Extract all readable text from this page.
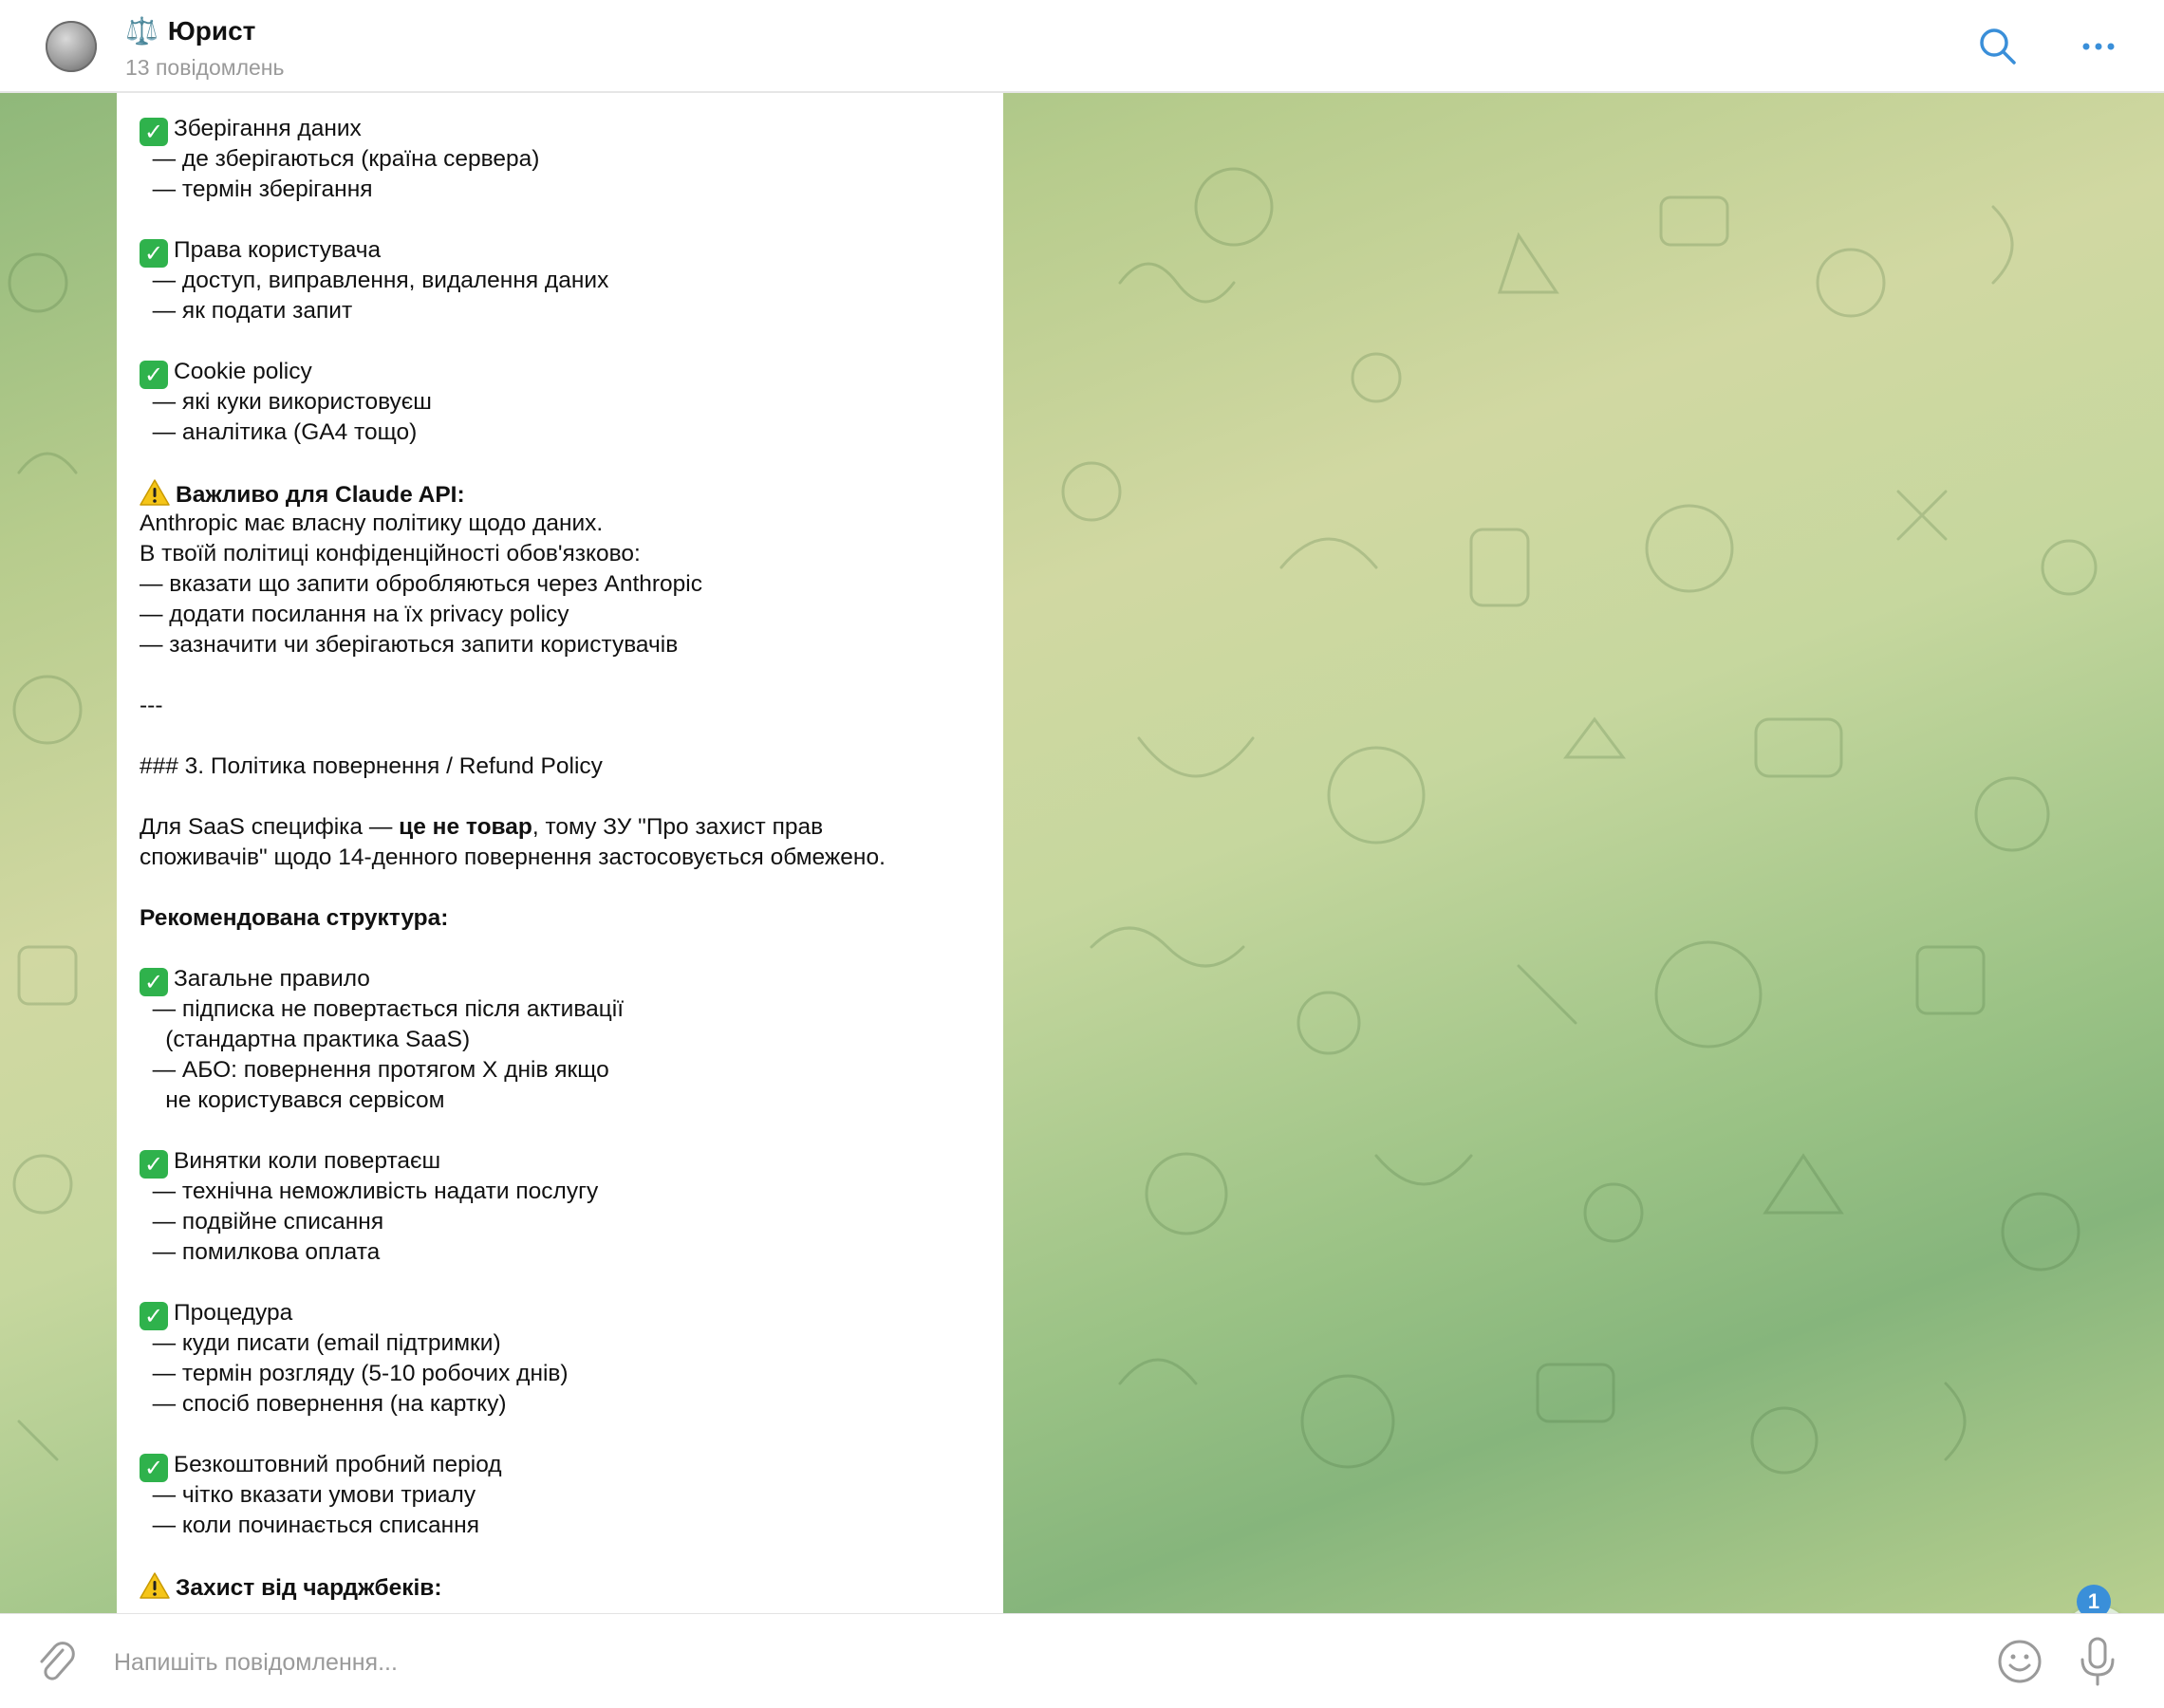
⚖️ Юрист
13 повідомлень
✓ Зберігання даних
— де зберігаються (країна сервера)
— термін зберігання
✓ Права користувача
— доступ, виправлення, видалення даних
— як подати запит
✓ Cookie policy
— які куки використовуєш
— аналітика (GA4 тощо)
Важливо для Claude API:
Anthropic має власну політику щодо даних.
В твоїй політиці конфіденційності обов'язково:
— вказати що запити обробляються через Anthropic
— додати посилання на їх privacy policy
— зазначити чи зберігаються запити користувачів
---
### 3. Політика повернення / Refund Policy
Для SaaS специфіка — це не товар, тому ЗУ "Про захист прав
споживачів" щодо 14-денного повернення застосовується обмежено.
Рекомендована структура:
✓ Загальне правило
— підписка не повертається після активації
(стандартна практика SaaS)
— АБО: повернення протягом X днів якщо
не користувався сервісом
✓ Винятки коли повертаєш
— технічна неможливість надати послугу
— подвійне списання
— помилкова оплата
✓ Процедура
— куди писати (email підтримки)
— термін розгляду (5-10 робочих днів)
— спосіб повернення (на картку)
✓ Безкоштовний пробний період
— чітко вказати умови триалу
— коли починається списання
Захист від чарджбеків:
1
Напишіть повідомлення...
